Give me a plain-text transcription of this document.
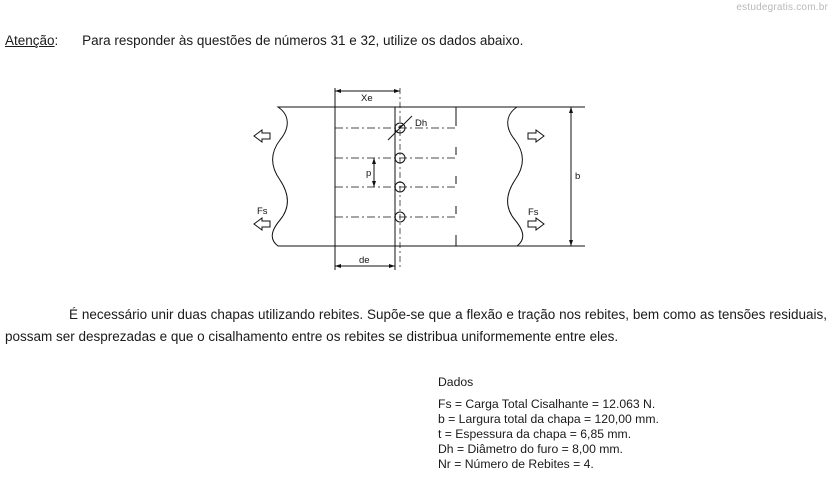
estudegratis.com.br
Atenção: Para responder às questões de números 31 e 32, utilize os dados abaixo.
Xe
Dh
p	b
Fs	Fs
de
É necessário unir duas chapas utilizando rebites. Supõe-se que a flexão e tração nos rebites, bem como as tensões residuais, possam ser desprezadas e que o cisalhamento entre os rebites se distribua uniformemente entre eles.
Dados
Fs = Carga Total Cisalhante = 12.063 N.
b = Largura total da chapa = 120,00 mm.
t = Espessura da chapa = 6,85 mm.
Dh = Diâmetro do furo = 8,00 mm.
Nr = Número de Rebites = 4.
